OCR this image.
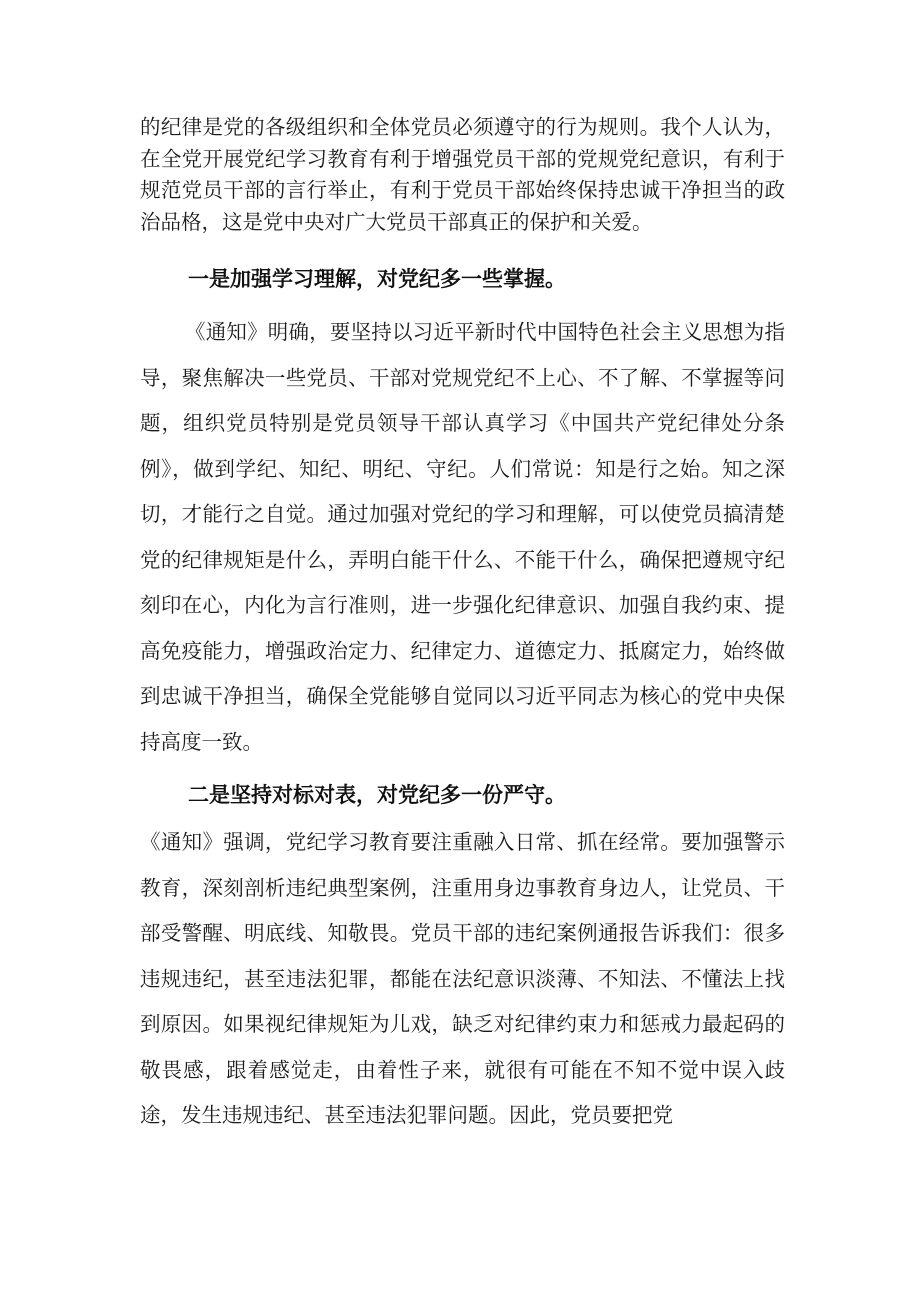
的纪律是党的各级组织和全体党员必须遵守的行为规则。我个人认为，在全党开展党纪学习教育有利于增强党员干部的党规党纪意识，有利于规范党员干部的言行举止，有利于党员干部始终保持忠诚干净担当的政治品格，这是党中央对广大党员干部真正的保护和关爱。

一是加强学习理解，对党纪多一些掌握。

《通知》明确，要坚持以习近平新时代中国特色社会主义思想为指导，聚焦解决一些党员、干部对党规党纪不上心、不了解、不掌握等问题，组织党员特别是党员领导干部认真学习《中国共产党纪律处分条例》，做到学纪、知纪、明纪、守纪。人们常说：知是行之始。知之深切，才能行之自觉。通过加强对党纪的学习和理解，可以使党员搞清楚党的纪律规矩是什么，弄明白能干什么、不能干什么，确保把遵规守纪刻印在心，内化为言行准则，进一步强化纪律意识、加强自我约束、提高免疫能力，增强政治定力、纪律定力、道德定力、抵腐定力，始终做到忠诚干净担当，确保全党能够自觉同以习近平同志为核心的党中央保持高度一致。

二是坚持对标对表，对党纪多一份严守。

《通知》强调，党纪学习教育要注重融入日常、抓在经常。要加强警示教育，深刻剖析违纪典型案例，注重用身边事教育身边人，让党员、干部受警醒、明底线、知敬畏。党员干部的违纪案例通报告诉我们：很多违规违纪，甚至违法犯罪，都能在法纪意识淡薄、不知法、不懂法上找到原因。如果视纪律规矩为儿戏，缺乏对纪律约束力和惩戒力最起码的敬畏感，跟着感觉走，由着性子来，就很有可能在不知不觉中误入歧途，发生违规违纪、甚至违法犯罪问题。因此，党员要把党
